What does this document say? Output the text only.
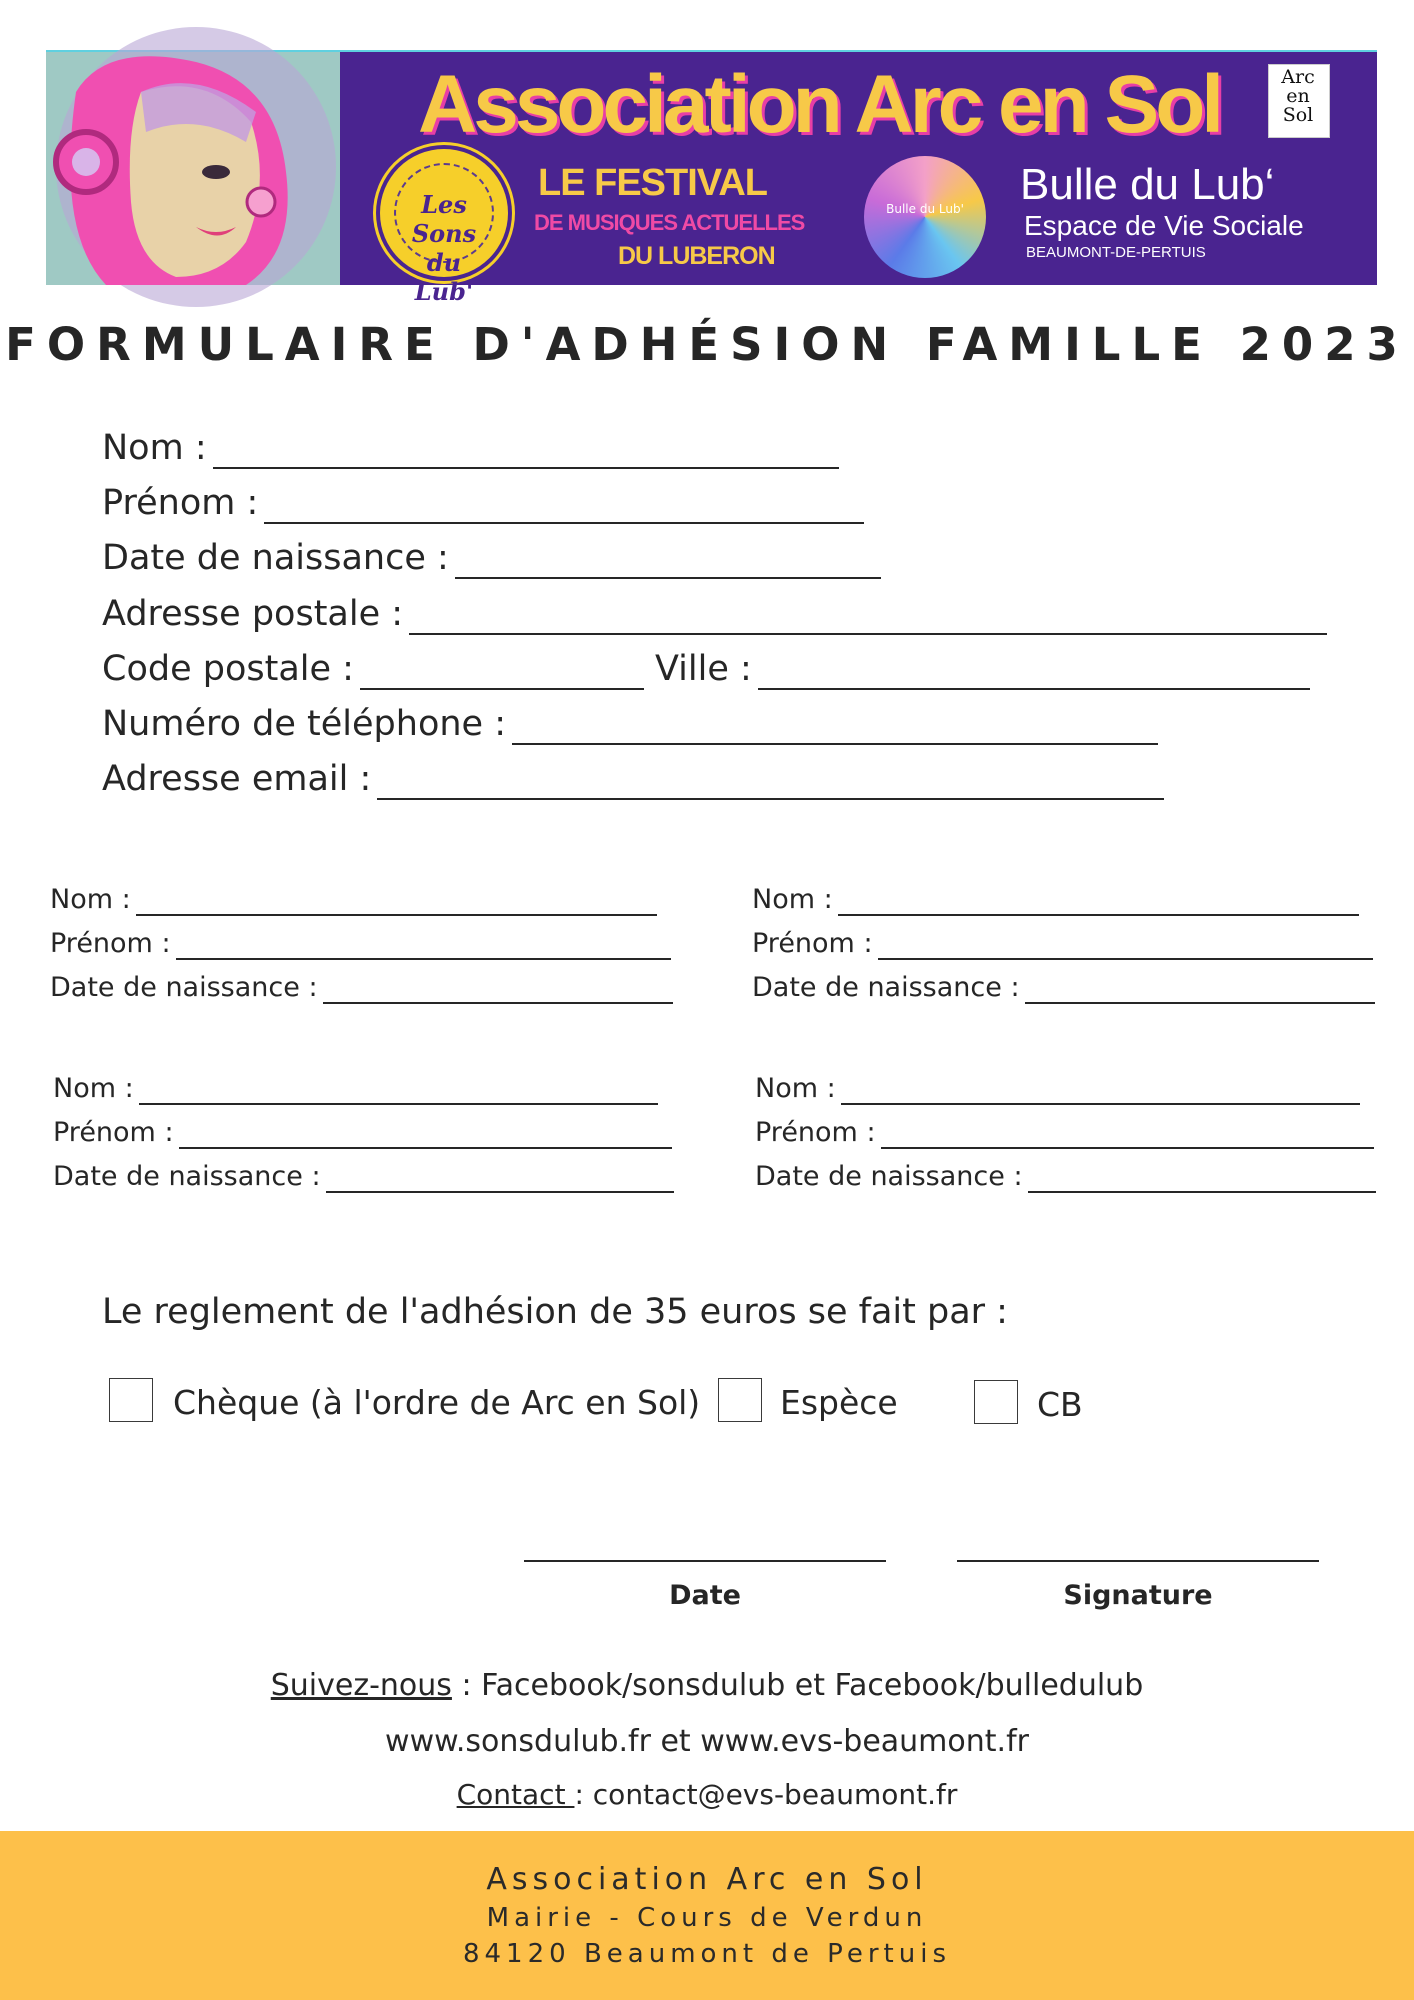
Association Arc en Sol
Les Sons du Lub'
LE FESTIVAL
DE MUSIQUES ACTUELLES
DU LUBERON
Bulle du Lub'	Bulle du Lub‘
Espace de Vie Sociale
BEAUMONT-DE-PERTUIS
Arc
en
Sol
FORMULAIRE D'ADHÉSION FAMILLE 2023
Nom :
Prénom :
Date de naissance :
Adresse postale :
Code postale :	Ville :
Numéro de téléphone :
Adresse email :
Nom :
Prénom :
Date de naissance :
Nom :
Prénom :
Date de naissance :
Nom :
Prénom :
Date de naissance :
Nom :
Prénom :
Date de naissance :
Le reglement de l'adhésion de 35 euros se fait par :
Chèque (à l'ordre de Arc en Sol) Espèce	CB
Date	Signature
Suivez-nous : Facebook/sonsdulub et Facebook/bulledulub
www.sonsdulub.fr et www.evs-beaumont.fr
Contact : contact@evs-beaumont.fr
Association Arc en Sol
Mairie - Cours de Verdun
84120 Beaumont de Pertuis
